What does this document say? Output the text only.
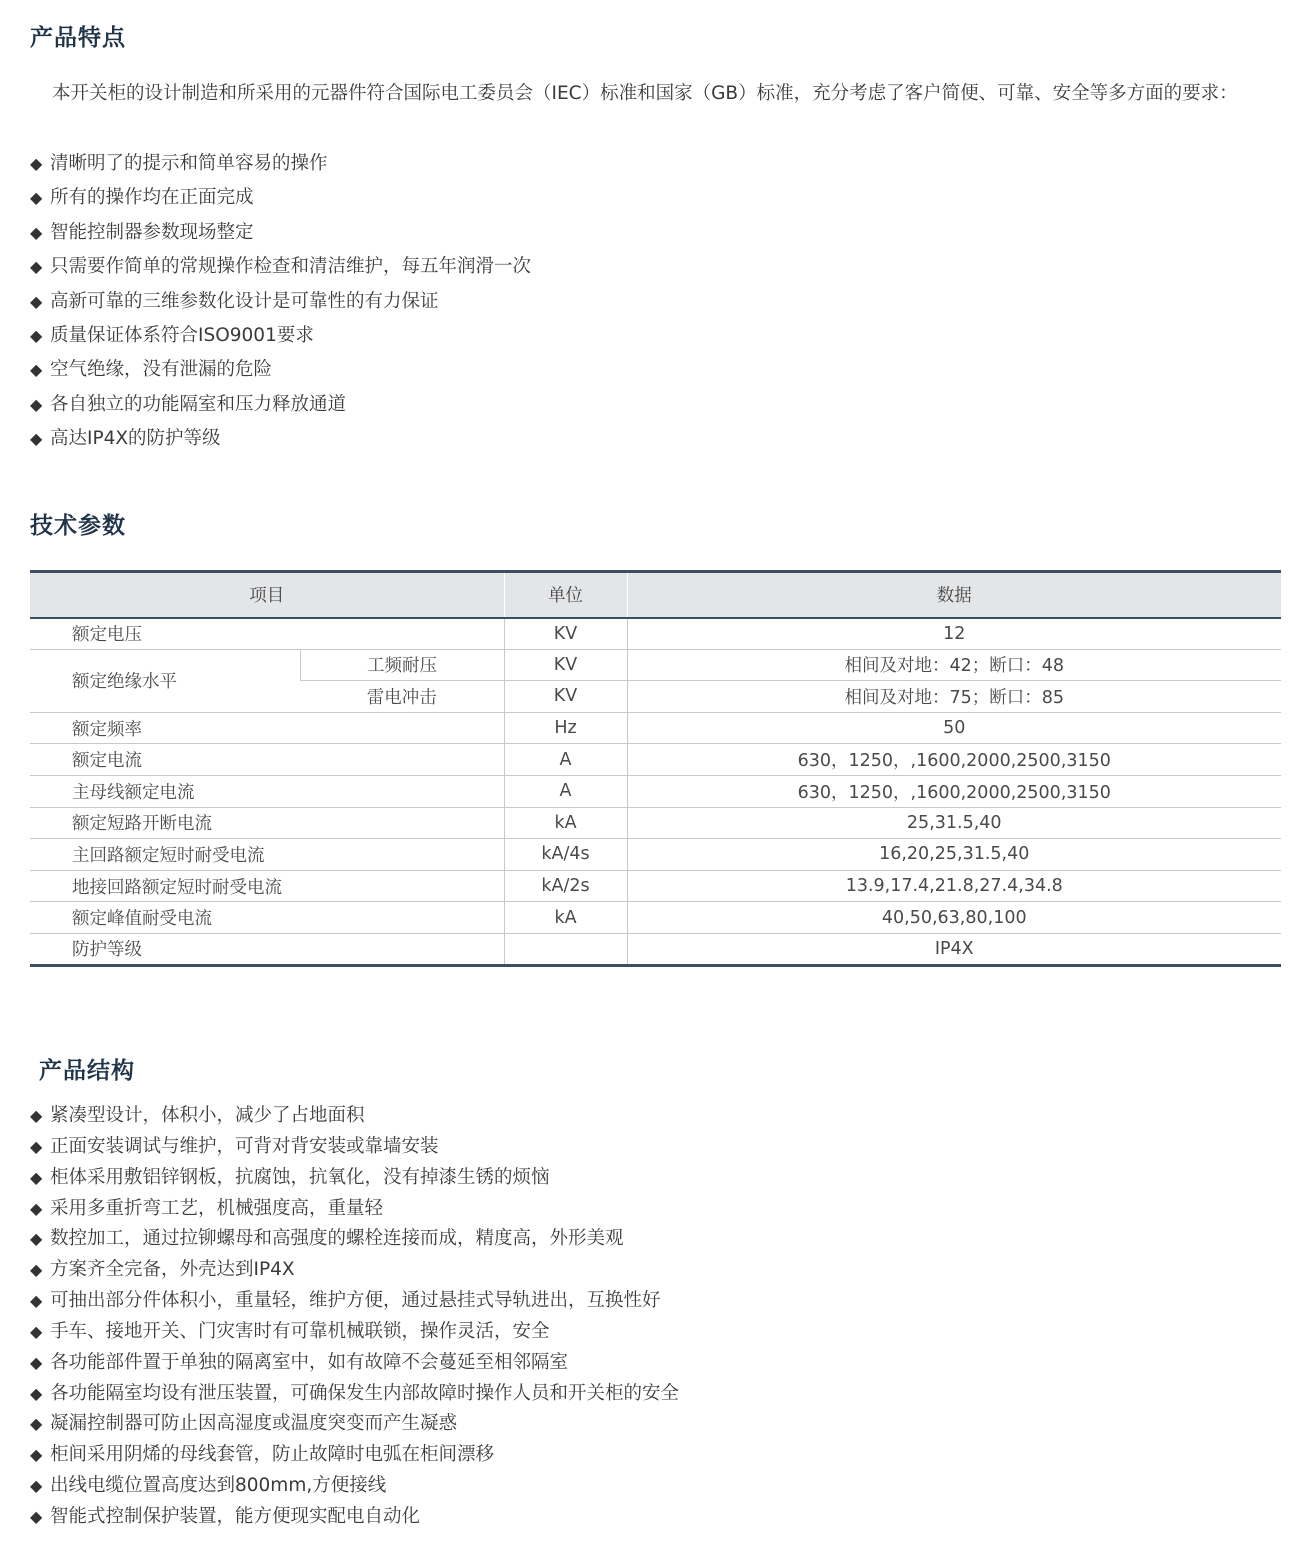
产品特点

本开关柜的设计制造和所采用的元器件符合国际电工委员会（IEC）标准和国家（GB）标准，充分考虑了客户简便、可靠、安全等多方面的要求：

◆ 清晰明了的提示和简单容易的操作
◆ 所有的操作均在正面完成
◆ 智能控制器参数现场整定
◆ 只需要作简单的常规操作检查和清洁维护，每五年润滑一次
◆ 高新可靠的三维参数化设计是可靠性的有力保证
◆ 质量保证体系符合ISO9001要求
◆ 空气绝缘，没有泄漏的危险
◆ 各自独立的功能隔室和压力释放通道
◆ 高达IP4X的防护等级
技术参数
项目		单位	数据
额定电压		KV	12
额定绝缘水平	工频耐压	KV	相间及对地：42；断口：48
	雷电冲击	KV	相间及对地：75；断口：85
额定频率		Hz	50
额定电流		A	630，1250，,1600,2000,2500,3150
主母线额定电流		A	630，1250，,1600,2000,2500,3150
额定短路开断电流		kA	25,31.5,40
主回路额定短时耐受电流		kA/4s	16,20,25,31.5,40
地接回路额定短时耐受电流		kA/2s	13.9,17.4,21.8,27.4,34.8
额定峰值耐受电流		kA	40,50,63,80,100
防护等级			IP4X
产品结构
◆ 紧凑型设计，体积小，减少了占地面积
◆ 正面安装调试与维护，可背对背安装或靠墙安装
◆ 柜体采用敷铝锌钢板，抗腐蚀，抗氧化，没有掉漆生锈的烦恼
◆ 采用多重折弯工艺，机械强度高，重量轻
◆ 数控加工，通过拉铆螺母和高强度的螺栓连接而成，精度高，外形美观
◆ 方案齐全完备，外壳达到IP4X
◆ 可抽出部分件体积小，重量轻，维护方便，通过悬挂式导轨进出，互换性好
◆ 手车、接地开关、门灾害时有可靠机械联锁，操作灵活，安全
◆ 各功能部件置于单独的隔离室中，如有故障不会蔓延至相邻隔室
◆ 各功能隔室均设有泄压装置，可确保发生内部故障时操作人员和开关柜的安全
◆ 凝漏控制器可防止因高湿度或温度突变而产生凝惑
◆ 柜间采用阴烯的母线套管，防止故障时电弧在柜间漂移
◆ 出线电缆位置高度达到800mm,方便接线
◆ 智能式控制保护装置，能方便现实配电自动化
